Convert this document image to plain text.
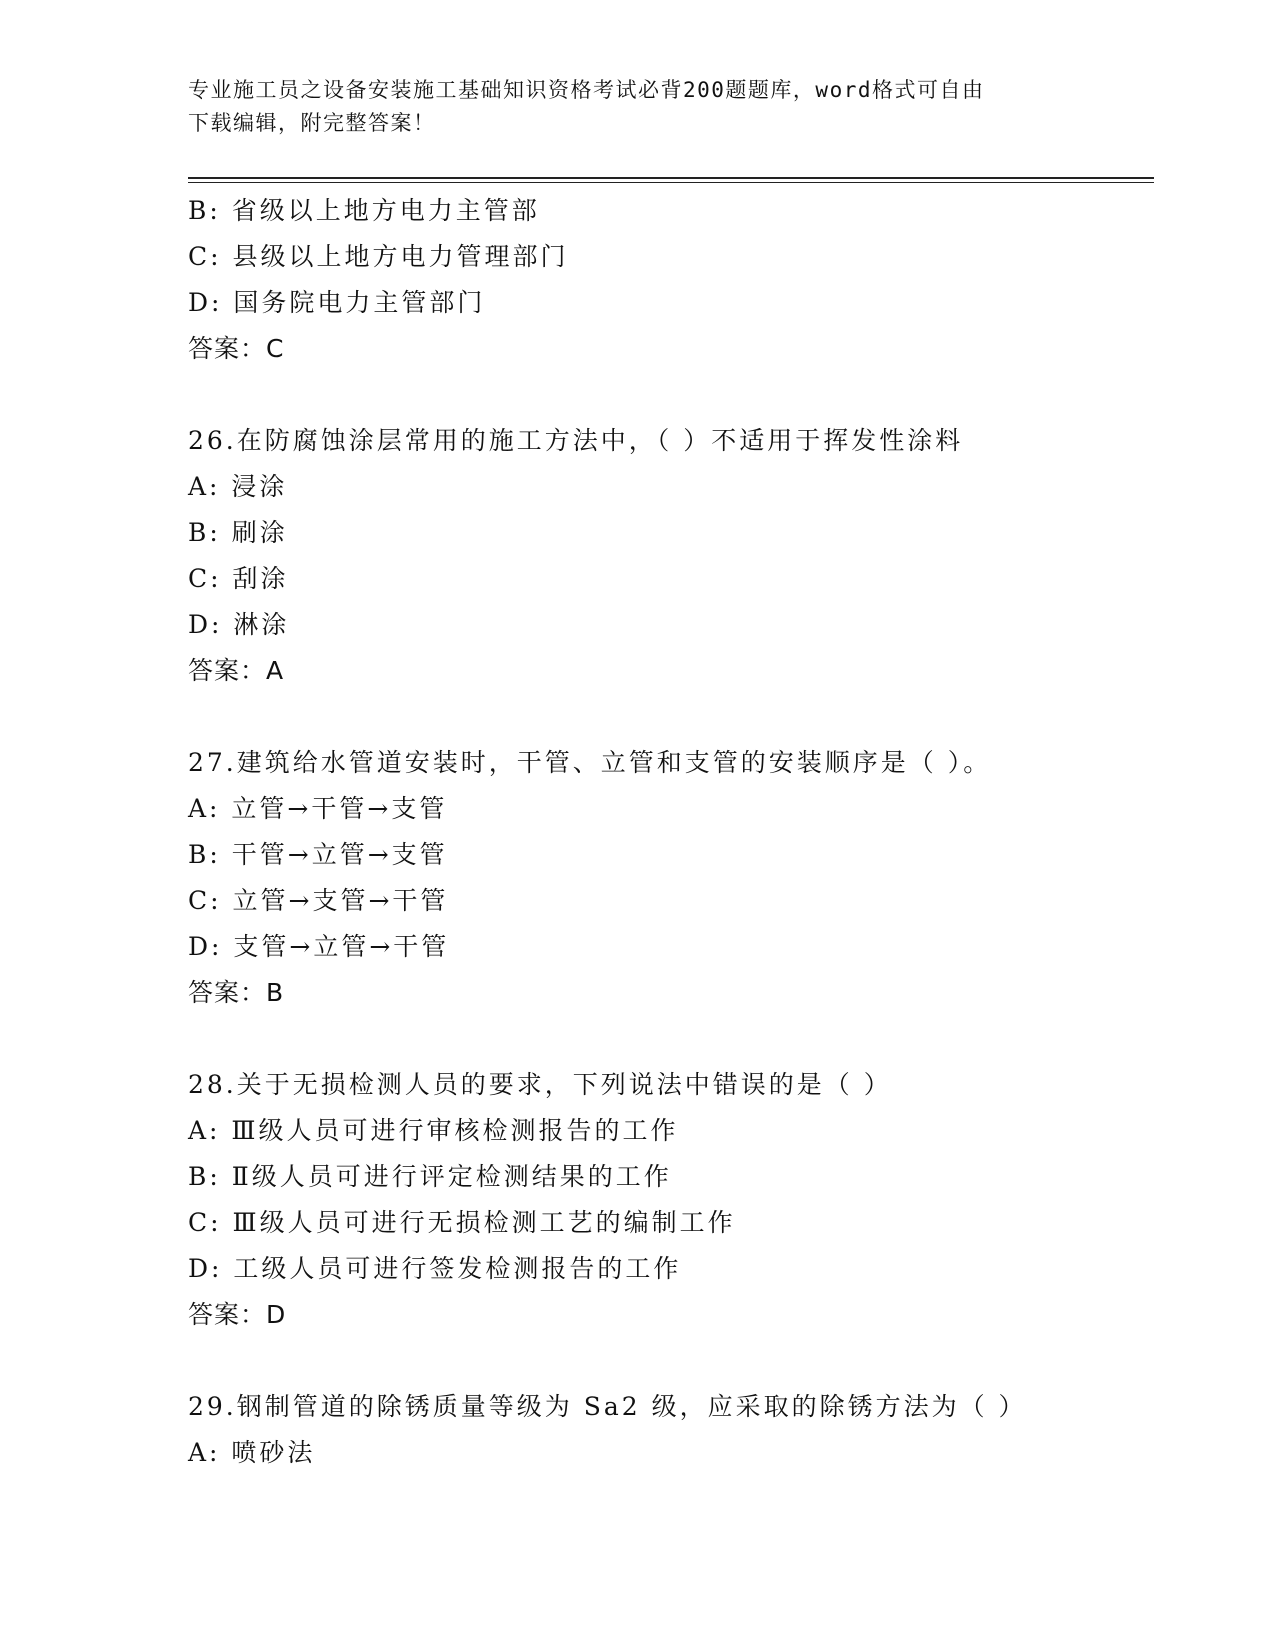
专业施工员之设备安装施工基础知识资格考试必背200题题库，word格式可自由
下载编辑，附完整答案！
B: 省级以上地方电力主管部
C: 县级以上地方电力管理部门
D: 国务院电力主管部门
答案：C
26.在防腐蚀涂层常用的施工方法中，（ ）不适用于挥发性涂料
A: 浸涂
B: 刷涂
C: 刮涂
D: 淋涂
答案：A
27.建筑给水管道安装时，干管、立管和支管的安装顺序是（ ）。
A: 立管→干管→支管
B: 干管→立管→支管
C: 立管→支管→干管
D: 支管→立管→干管
答案：B
28.关于无损检测人员的要求，下列说法中错误的是（ ）
A: Ⅲ级人员可进行审核检测报告的工作
B: Ⅱ级人员可进行评定检测结果的工作
C: Ⅲ级人员可进行无损检测工艺的编制工作
D: 工级人员可进行签发检测报告的工作
答案：D
29.钢制管道的除锈质量等级为 Sa2 级，应采取的除锈方法为（ ）
A: 喷砂法
